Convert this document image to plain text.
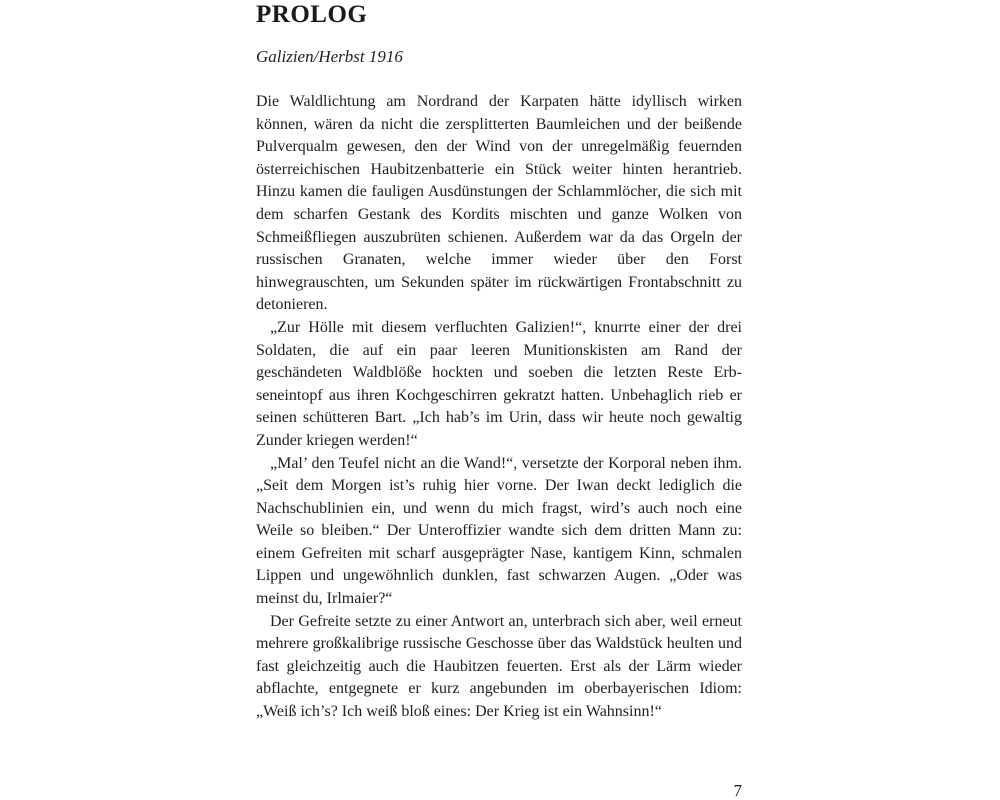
PROLOG

Galizien/Herbst 1916

Die Waldlichtung am Nordrand der Karpaten hätte idyllisch wirken können, wären da nicht die zersplitterten Baumleichen und der beißende Pulverqualm gewesen, den der Wind von der unregelmäßig feuernden österreichischen Haubitzenbatterie ein Stück weiter hinten herantrieb. Hinzu kamen die fauligen Ausdünstungen der Schlammlöcher, die sich mit dem scharfen Gestank des Kordits mischten und ganze Wolken von Schmeißfliegen auszubrüten schienen. Außerdem war da das Orgeln der russischen Granaten, welche immer wieder über den Forst hinwegrauschten, um Sekunden später im rückwärtigen Frontabschnitt zu detonieren.

„Zur Hölle mit diesem verfluchten Galizien!“, knurrte einer der drei Soldaten, die auf ein paar leeren Munitionskisten am Rand der geschändeten Waldblöße hockten und soeben die letzten Reste Erbseneintopf aus ihren Kochgeschirren gekratzt hatten. Unbehaglich rieb er seinen schütteren Bart. „Ich hab’s im Urin, dass wir heute noch gewaltig Zunder kriegen werden!“

„Mal’ den Teufel nicht an die Wand!“, versetzte der Korporal neben ihm. „Seit dem Morgen ist’s ruhig hier vorne. Der Iwan deckt lediglich die Nachschublinien ein, und wenn du mich fragst, wird’s auch noch eine Weile so bleiben.“ Der Unteroffizier wandte sich dem dritten Mann zu: einem Gefreiten mit scharf ausgeprägter Nase, kantigem Kinn, schmalen Lippen und ungewöhnlich dunklen, fast schwarzen Augen. „Oder was meinst du, Irlmaier?“

Der Gefreite setzte zu einer Antwort an, unterbrach sich aber, weil erneut mehrere großkalibrige russische Geschosse über das Waldstück heulten und fast gleichzeitig auch die Haubitzen feuerten. Erst als der Lärm wieder abflachte, entgegnete er kurz angebunden im oberbayerischen Idiom: „Weiß ich’s? Ich weiß bloß eines: Der Krieg ist ein Wahnsinn!“

7
